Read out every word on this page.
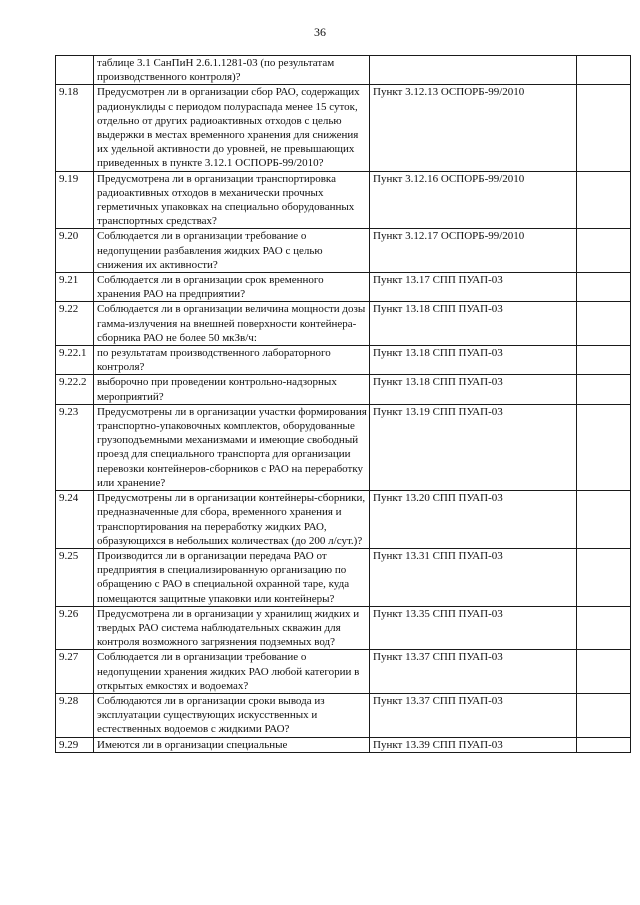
36
	таблице 3.1 СанПиН 2.6.1.1281-03 (по результатам производственного контроля)?		
9.18	Предусмотрен ли в организации сбор РАО, содержащих радионуклиды с периодом полураспада менее 15 суток, отдельно от других радиоактивных отходов с целью выдержки в местах временного хранения для снижения их удельной активности до уровней, не превышающих приведенных в пункте 3.12.1 ОСПОРБ-99/2010?	Пункт 3.12.13 ОСПОРБ-99/2010	
9.19	Предусмотрена ли в организации транспортировка радиоактивных отходов в механически прочных герметичных упаковках на специально оборудованных транспортных средствах?	Пункт 3.12.16 ОСПОРБ-99/2010	
9.20	Соблюдается ли в организации требование о недопущении разбавления жидких РАО с целью снижения их активности?	Пункт 3.12.17 ОСПОРБ-99/2010	
9.21	Соблюдается ли в организации срок временного хранения РАО на предприятии?	Пункт 13.17 СПП ПУАП-03	
9.22	Соблюдается ли в организации величина мощности дозы гамма-излучения на внешней поверхности контейнера-сборника РАО не более 50 мкЗв/ч:	Пункт 13.18 СПП ПУАП-03	
9.22.1	по результатам производственного лабораторного контроля?	Пункт 13.18 СПП ПУАП-03	
9.22.2	выборочно при проведении контрольно-надзорных мероприятий?	Пункт 13.18 СПП ПУАП-03	
9.23	Предусмотрены ли в организации участки формирования транспортно-упаковочных комплектов, оборудованные грузоподъемными механизмами и имеющие свободный проезд для специального транспорта для организации перевозки контейнеров-сборников с РАО на переработку или хранение?	Пункт 13.19 СПП ПУАП-03	
9.24	Предусмотрены ли в организации контейнеры-сборники, предназначенные для сбора, временного хранения и транспортирования на переработку жидких РАО, образующихся в небольших количествах (до 200 л/сут.)?	Пункт 13.20 СПП ПУАП-03	
9.25	Производится ли в организации передача РАО от предприятия в специализированную организацию по обращению с РАО в специальной охранной таре, куда помещаются защитные упаковки или контейнеры?	Пункт 13.31 СПП ПУАП-03	
9.26	Предусмотрена ли в организации у хранилищ жидких и твердых РАО система наблюдательных скважин для контроля возможного загрязнения подземных вод?	Пункт 13.35 СПП ПУАП-03	
9.27	Соблюдается ли в организации требование о недопущении хранения жидких РАО любой категории в открытых емкостях и водоемах?	Пункт 13.37 СПП ПУАП-03	
9.28	Соблюдаются ли в организации сроки вывода из эксплуатации существующих искусственных и естественных водоемов с жидкими РАО?	Пункт 13.37 СПП ПУАП-03	
9.29	Имеются ли в организации специальные	Пункт 13.39 СПП ПУАП-03	
